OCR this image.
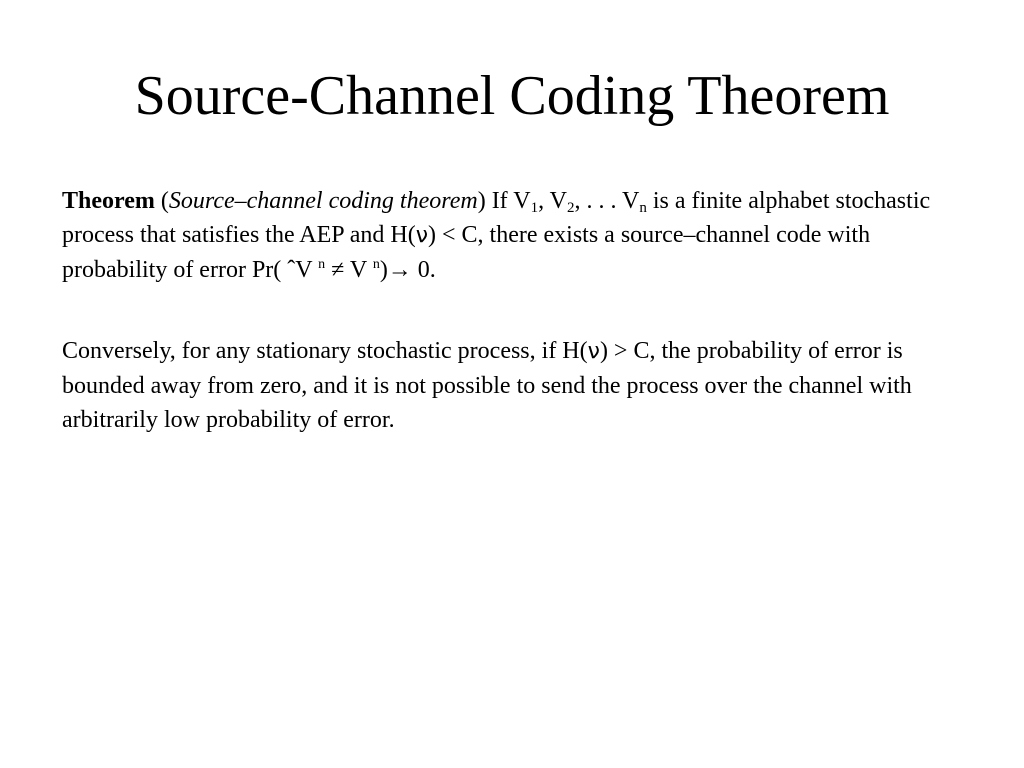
Source-Channel Coding Theorem

Theorem (Source–channel coding theorem) If $V_1$, $V_2$, . . . $V_n$ is a finite alphabet stochastic process that satisfies the AEP and H(ν) < C, there exists a source–channel code with probability of error Pr( ˆV $^n$ ≠ V $^n$)→ 0.

Conversely, for any stationary stochastic process, if H(ν) > C, the probability of error is bounded away from zero, and it is not possible to send the process over the channel with arbitrarily low probability of error.
